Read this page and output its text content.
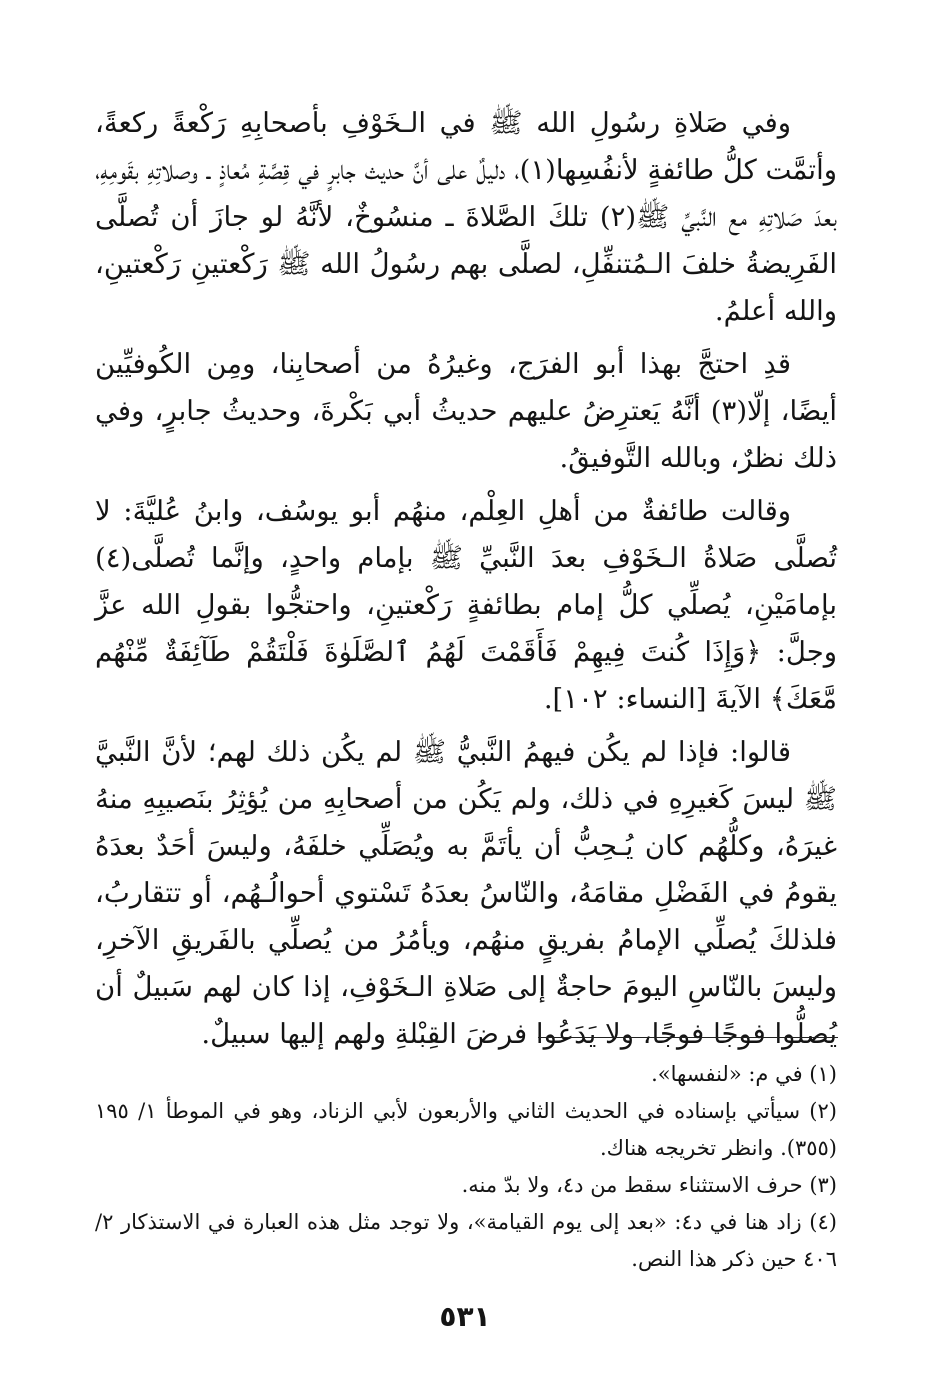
وفي صَلاةِ رسُولِ الله ﷺ في الـخَوْفِ بأصحابِهِ رَكْعةً ركعةً، وأتمَّت كلُّ طائفةٍ لأنفُسِها(١)، دليلٌ على أنَّ حديث جابرٍ في قِصَّةِ مُعاذٍ ـ وصلاتِهِ بقَومِهِ، بعدَ صَلاتِهِ مع النَّبيِّ ﷺ(٢) تلكَ الصَّلاةَ ـ منسُوخٌ، لأنَّهُ لو جازَ أن تُصلَّى الفَرِيضةُ خلفَ الـمُتنفِّلِ، لصلَّى بهم رسُولُ الله ﷺ رَكْعتينِ رَكْعتينِ، والله أعلمُ.

قدِ احتجَّ بهذا أبو الفرَج، وغيرُهُ من أصحابِنا، ومِن الكُوفيِّين أيضًا، إلّا(٣) أنَّهُ يَعترِضُ عليهم حديثُ أبي بَكْرةَ، وحديثُ جابرٍ، وفي ذلك نظرٌ، وبالله التَّوفيقُ.

وقالت طائفةٌ من أهلِ العِلْم، منهُم أبو يوسُف، وابنُ عُليَّةَ: لا تُصلَّى صَلاةُ الـخَوْفِ بعدَ النَّبيِّ ﷺ بإمام واحدٍ، وإنَّما تُصلَّى(٤) بإمامَيْنِ، يُصلِّي كلُّ إمام بطائفةٍ رَكْعتينِ، واحتجُّوا بقولِ الله عزَّ وجلَّ: ﴿وَإِذَا كُنتَ فِيهِمْ فَأَقَمْتَ لَهُمُ ٱلصَّلَوٰةَ فَلْتَقُمْ طَآئِفَةٌ مِّنْهُم مَّعَكَ﴾ الآيةَ [النساء: ١٠٢].

قالوا: فإذا لم يكُن فيهمُ النَّبيُّ ﷺ لم يكُن ذلك لهم؛ لأنَّ النَّبيَّ ﷺ ليسَ كَغيرِهِ في ذلك، ولم يَكُن من أصحابِهِ من يُؤثِرُ بنَصيبِهِ منهُ غيرَهُ، وكلُّهُم كان يُـحِبُّ أن يأتَمَّ به ويُصَلِّي خلفَهُ، وليسَ أحَدٌ بعدَهُ يقومُ في الفَضْلِ مقامَهُ، والنّاسُ بعدَهُ تَسْتوي أحوالُـهُم، أو تتقاربُ، فلذلكَ يُصلِّي الإمامُ بفريقٍ منهُم، ويأمُرُ من يُصلِّي بالفَريقِ الآخرِ، وليسَ بالنّاسِ اليومَ حاجةٌ إلى صَلاةِ الـخَوْفِ، إذا كان لهم سَبيلٌ أن يُصلُّوا فوجًا فوجًا، ولا يَدَعُوا فرضَ القِبْلةِ ولهم إليها سبيلٌ.

(١) في م: «لنفسها».

(٢) سيأتي بإسناده في الحديث الثاني والأربعون لأبي الزناد، وهو في الموطأ ١/ ١٩٥ (٣٥٥). وانظر تخريجه هناك.

(٣) حرف الاستثناء سقط من د٤، ولا بدّ منه.

(٤) زاد هنا في د٤: «بعد إلى يوم القيامة»، ولا توجد مثل هذه العبارة في الاستذكار ٢/ ٤٠٦ حين ذكر هذا النص.

٥٣١
